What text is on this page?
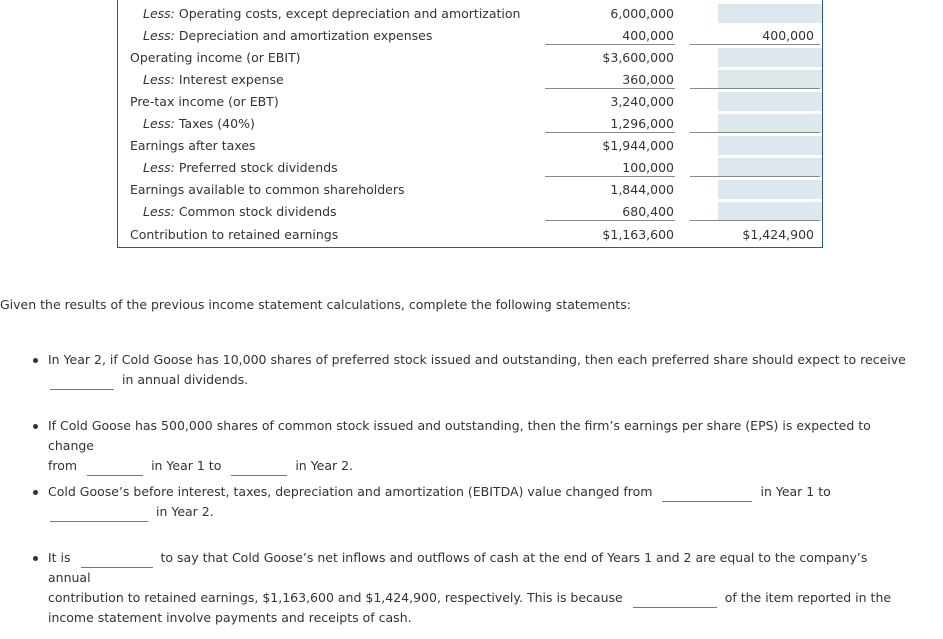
Less: Operating costs, except depreciation and amortization	6,000,000
Less: Depreciation and amortization expenses	400,000	400,000
Operating income (or EBIT)	$3,600,000
Less: Interest expense	360,000
Pre-tax income (or EBT)	3,240,000
Less: Taxes (40%)	1,296,000
Earnings after taxes	$1,944,000
Less: Preferred stock dividends	100,000
Earnings available to common shareholders	1,844,000
Less: Common stock dividends	680,400
Contribution to retained earnings	$1,163,600	$1,424,900
Given the results of the previous income statement calculations, complete the following statements:
In Year 2, if Cold Goose has 10,000 shares of preferred stock issued and outstanding, then each preferred share should expect to receive
in annual dividends.
If Cold Goose has 500,000 shares of common stock issued and outstanding, then the firm’s earnings per share (EPS) is expected to change
from	in Year 1 to	in Year 2.
Cold Goose’s before interest, taxes, depreciation and amortization (EBITDA) value changed from	in Year 1 to
in Year 2.
It is	to say that Cold Goose’s net inflows and outflows of cash at the end of Years 1 and 2 are equal to the company’s annual
contribution to retained earnings, $1,163,600 and $1,424,900, respectively. This is because	of the item reported in the
income statement involve payments and receipts of cash.
